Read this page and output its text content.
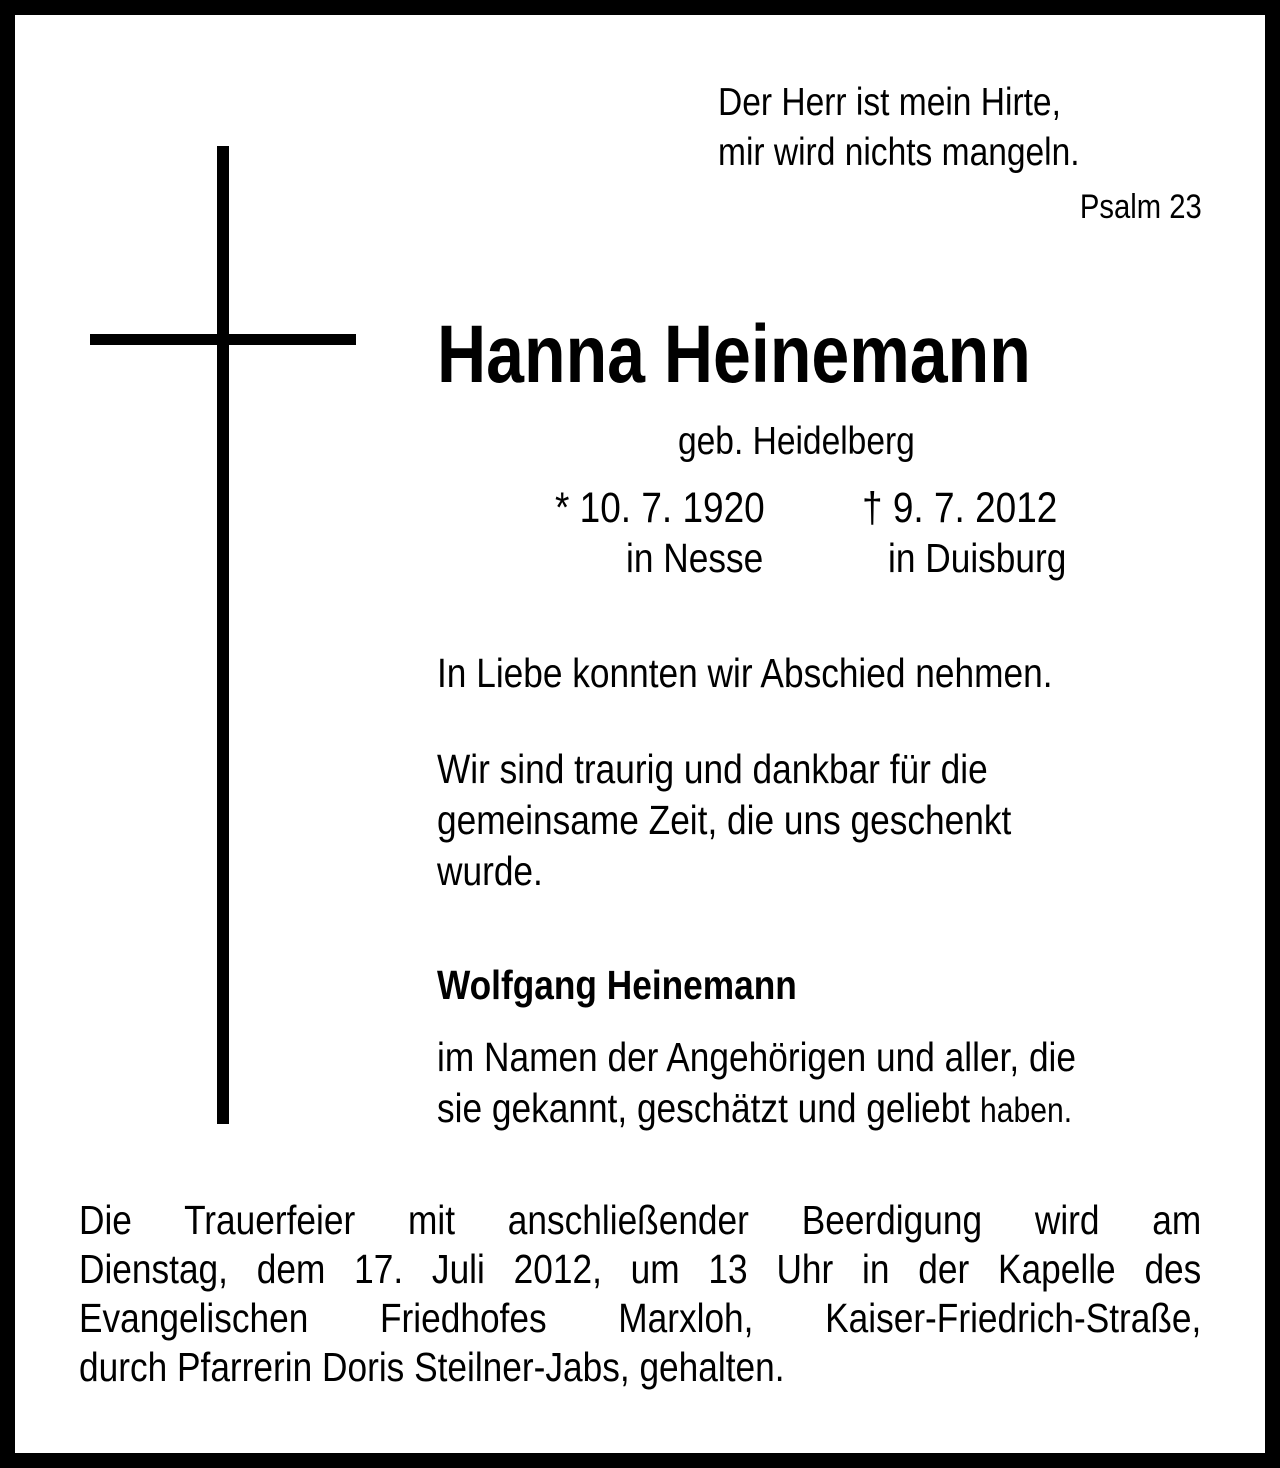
Der Herr ist mein Hirte,
mir wird nichts mangeln.
Psalm 23
Hanna Heinemann
geb. Heidelberg
* 10. 7. 1920 † 9. 7. 2012
in Nesse	in Duisburg
In Liebe konnten wir Abschied nehmen.
Wir sind traurig und dankbar für die
gemeinsame Zeit, die uns geschenkt
wurde.
Wolfgang Heinemann
im Namen der Angehörigen und aller, die
sie gekannt, geschätzt und geliebt haben.
Die Trauerfeier mit anschließender Beerdigung wird am
Dienstag, dem 17. Juli 2012, um 13 Uhr in der Kapelle des
Evangelischen Friedhofes Marxloh, Kaiser-Friedrich-Straße,
durch Pfarrerin Doris Steilner-Jabs, gehalten.
